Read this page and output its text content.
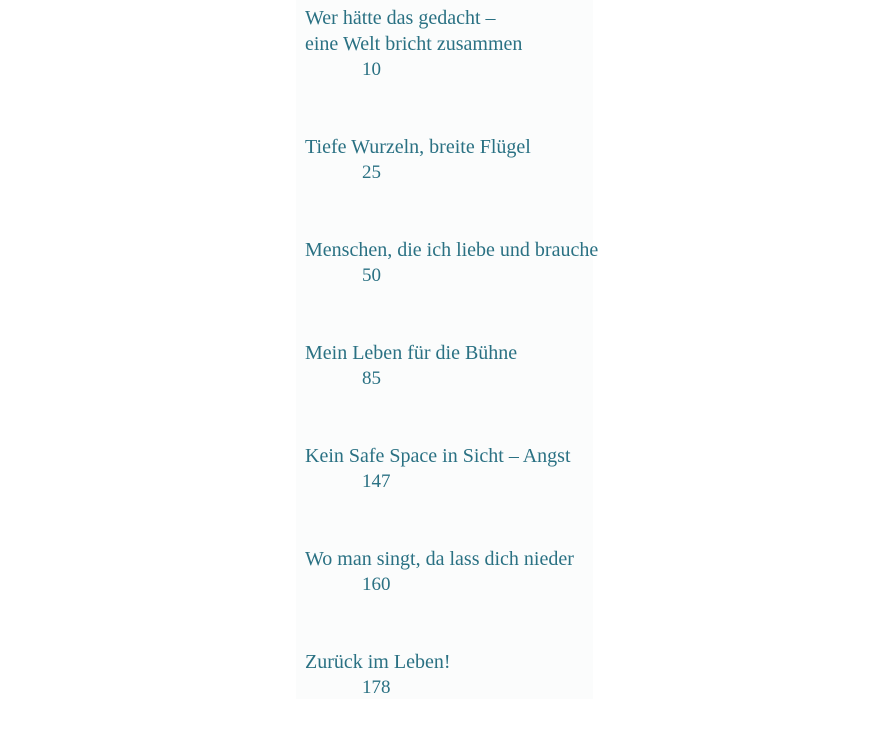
Wer hätte das gedacht –
eine Welt bricht zusammen
10
Tiefe Wurzeln, breite Flügel
25
Menschen, die ich liebe und brauche
50
Mein Leben für die Bühne
85
Kein Safe Space in Sicht – Angst
147
Wo man singt, da lass dich nieder
160
Zurück im Leben!
178
